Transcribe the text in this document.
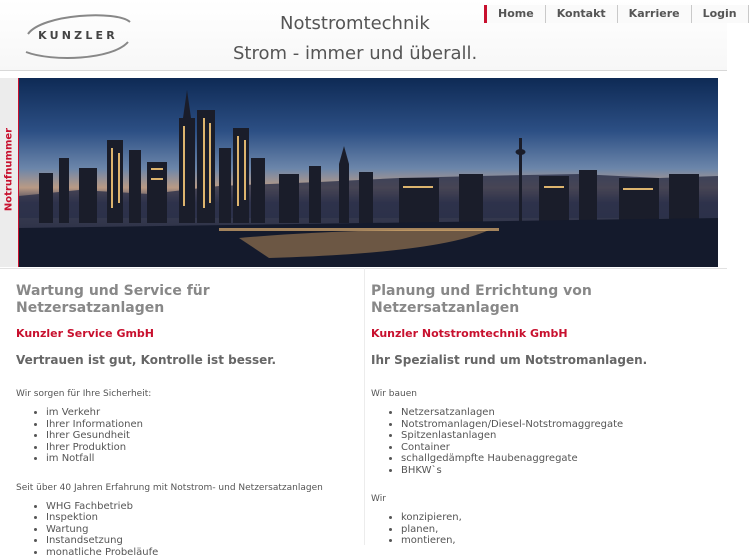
KUNZLER
Notstromtechnik
Strom - immer und überall.
Home	Kontakt	Karriere	Login
Notrufnummer
Wartung und Service für Netzersatzanlagen
Kunzler Service GmbH
Vertrauen ist gut, Kontrolle ist besser.
Wir sorgen für Ihre Sicherheit:
• im Verkehr
• Ihrer Informationen
• Ihrer Gesundheit
• Ihrer Produktion
• im Notfall
Seit über 40 Jahren Erfahrung mit Notstrom- und Netzersatzanlagen
• WHG Fachbetrieb
• Inspektion
• Wartung
• Instandsetzung
• monatliche Probeläufe
Planung und Errichtung von Netzersatzanlagen
Kunzler Notstromtechnik GmbH
Ihr Spezialist rund um Notstromanlagen.
Wir bauen
• Netzersatzanlagen
• Notstromanlagen/Diesel-Notstromaggregate
• Spitzenlastanlagen
• Container
• schallgedämpfte Haubenaggregate
• BHKW`s
Wir
• konzipieren,
• planen,
• montieren,
